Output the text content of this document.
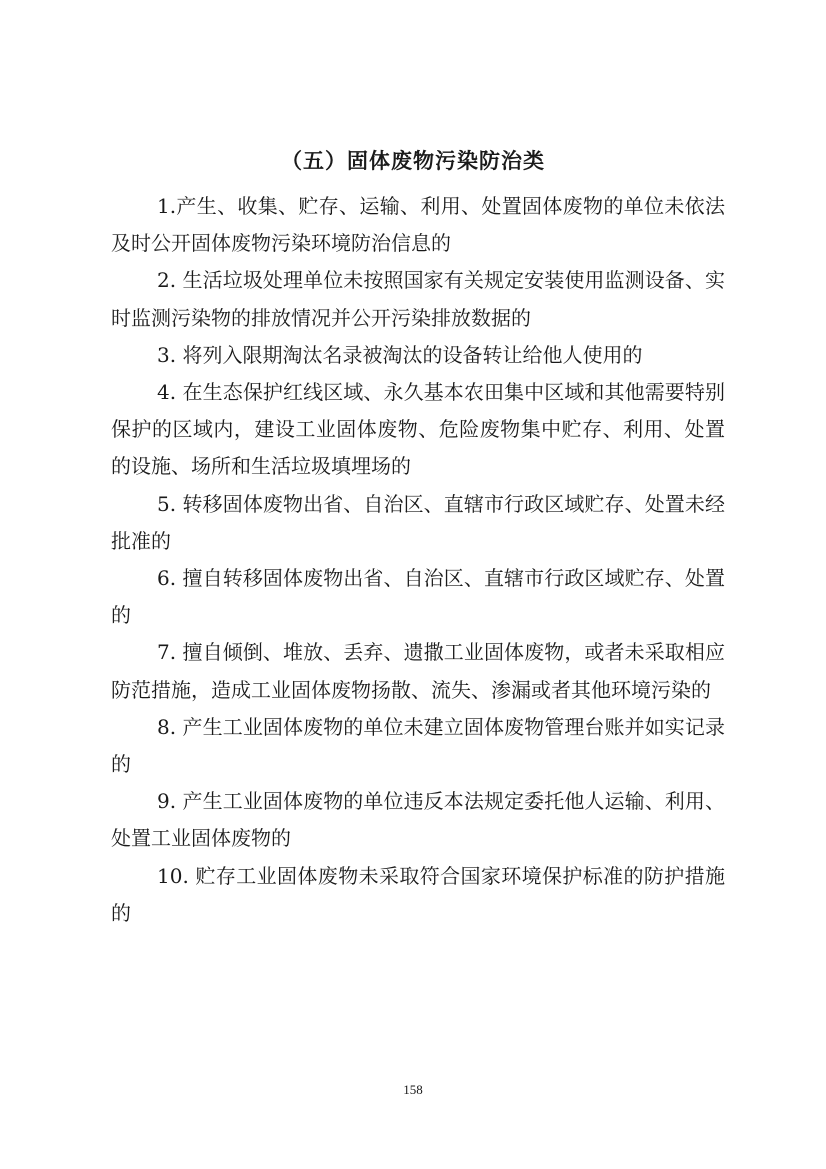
（五）固体废物污染防治类

1.产生、收集、贮存、运输、利用、处置固体废物的单位未依法及时公开固体废物污染环境防治信息的

2. 生活垃圾处理单位未按照国家有关规定安装使用监测设备、实时监测污染物的排放情况并公开污染排放数据的

3. 将列入限期淘汰名录被淘汰的设备转让给他人使用的

4. 在生态保护红线区域、永久基本农田集中区域和其他需要特别保护的区域内，建设工业固体废物、危险废物集中贮存、利用、处置的设施、场所和生活垃圾填埋场的

5. 转移固体废物出省、自治区、直辖市行政区域贮存、处置未经批准的

6. 擅自转移固体废物出省、自治区、直辖市行政区域贮存、处置的

7. 擅自倾倒、堆放、丢弃、遗撒工业固体废物，或者未采取相应防范措施，造成工业固体废物扬散、流失、渗漏或者其他环境污染的

8. 产生工业固体废物的单位未建立固体废物管理台账并如实记录的

9. 产生工业固体废物的单位违反本法规定委托他人运输、利用、处置工业固体废物的

10. 贮存工业固体废物未采取符合国家环境保护标准的防护措施的

158
